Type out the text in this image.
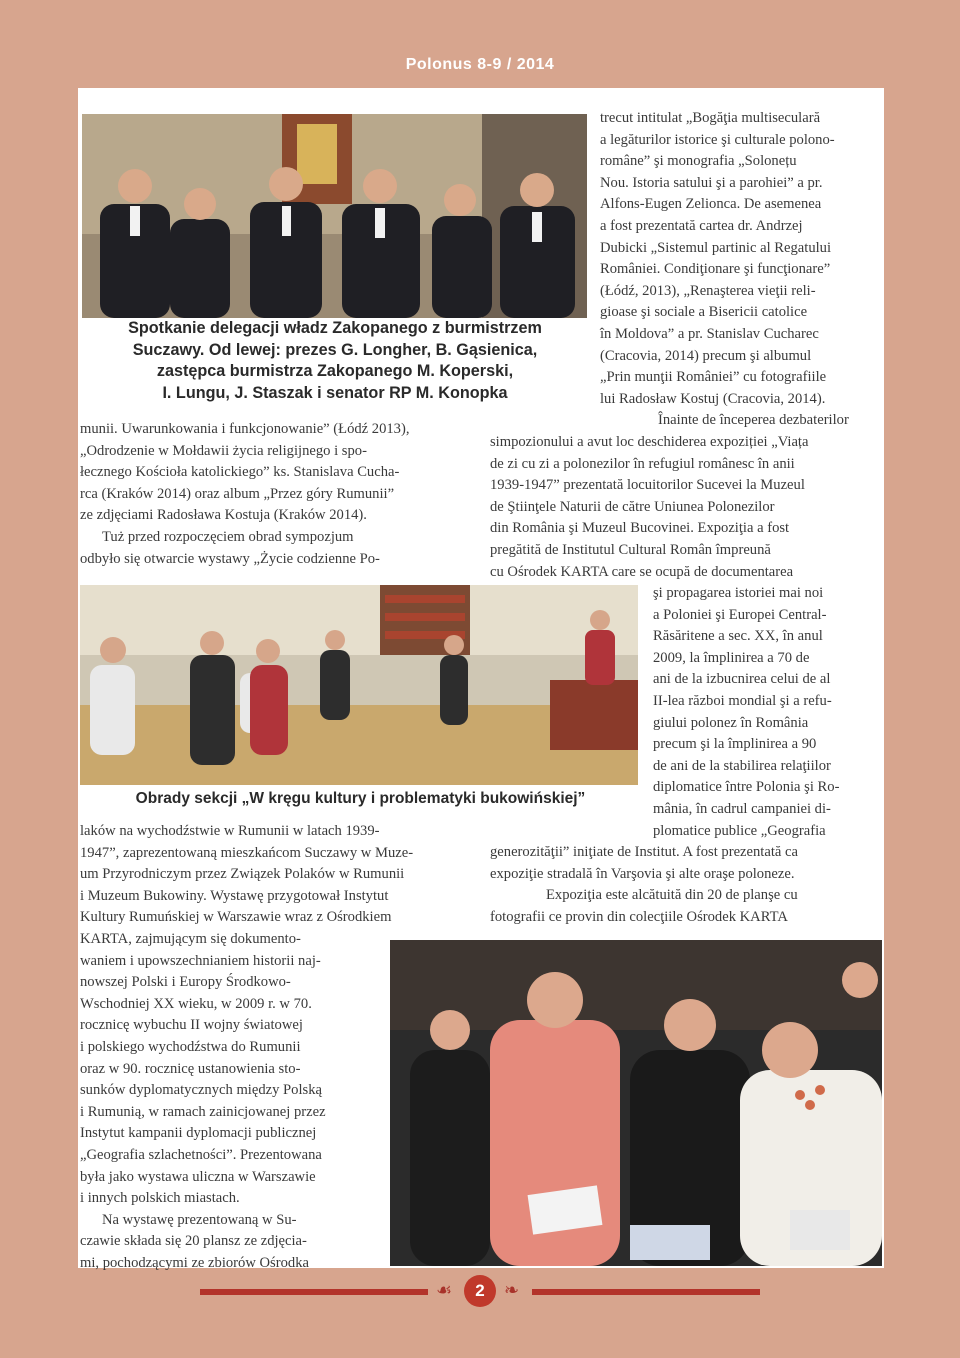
Polonus 8-9 / 2014
Spotkanie delegacji władz Zakopanego z burmistrzem
Suczawy. Od lewej: prezes G. Longher, B. Gąsienica,
zastępca burmistrza Zakopanego M. Koperski,
I. Lungu, J. Staszak i senator RP M. Konopka

munii. Uwarunkowania i funkcjonowanie” (Łódź 2013),

„Odrodzenie w Mołdawii życia religijnego i spo-

łecznego Kościoła katolickiego” ks. Stanislava Cucha-

rca (Kraków 2014) oraz album „Przez góry Rumunii”

ze zdjęciami Radosława Kostuja (Kraków 2014).

Tuż przed rozpoczęciem obrad sympozjum

odbyło się otwarcie wystawy „Życie codzienne Po-

Obrady sekcji „W kręgu kultury i problematyki bukowińskiej”

laków na wychodźstwie w Rumunii w latach 1939-

1947”, zaprezentowaną mieszkańcom Suczawy w Muze-

um Przyrodniczym przez Związek Polaków w Rumunii

i Muzeum Bukowiny. Wystawę przygotował Instytut

Kultury Rumuńskiej w Warszawie wraz z Ośrodkiem

KARTA, zajmującym się dokumento-

waniem i upowszechnianiem historii naj-

nowszej Polski i Europy Środkowo-

Wschodniej XX wieku, w 2009 r. w 70.

rocznicę wybuchu II wojny światowej

i polskiego wychodźstwa do Rumunii

oraz w 90. rocznicę ustanowienia sto-

sunków dyplomatycznych między Polską

i Rumunią, w ramach zainicjowanej przez

Instytut kampanii dyplomacji publicznej

„Geografia szlachetności”. Prezentowana

była jako wystawa uliczna w Warszawie

i innych polskich miastach.

Na wystawę prezentowaną w Su-

czawie składa się 20 plansz ze zdjęcia-

mi, pochodzącymi ze zbiorów Ośrodka

trecut intitulat „Bogăţia multiseculară

a legăturilor istorice şi culturale polono-

române” şi monografia „Solonețu

Nou. Istoria satului şi a parohiei” a pr.

Alfons-Eugen Zelionca. De asemenea

a fost prezentată cartea dr. Andrzej

Dubicki „Sistemul partinic al Regatului

României. Condiţionare şi funcţionare”

(Łódź, 2013), „Renaşterea vieţii reli-

gioase şi sociale a Bisericii catolice

în Moldova” a pr. Stanislav Cucharec

(Cracovia, 2014) precum şi albumul

„Prin munţii României” cu fotografiile

lui Radosław Kostuj (Cracovia, 2014).

Înainte de începerea dezbaterilor

simpozionului a avut loc deschiderea expoziției „Viața

de zi cu zi a polonezilor în refugiul românesc în anii

1939-1947” prezentată locuitorilor Sucevei la Muzeul

de Ştiinţele Naturii de către Uniunea Polonezilor

din România şi Muzeul Bucovinei. Expoziţia a fost

pregătită de Institutul Cultural Român împreună

cu Ośrodek KARTA care se ocupă de documentarea

şi propagarea istoriei mai noi

a Poloniei şi Europei Central-

Răsăritene a sec. XX, în anul

2009, la împlinirea a 70 de

ani de la izbucnirea celui de al

II-lea război mondial şi a refu-

giului polonez în România

precum şi la împlinirea a 90

de ani de la stabilirea relaţiilor

diplomatice între Polonia şi Ro-

mânia, în cadrul campaniei di-

plomatice publice „Geografia

generozităţii” iniţiate de Institut. A fost prezentată ca

expoziţie stradală în Varşovia şi alte oraşe poloneze.

Expoziţia este alcătuită din 20 de planşe cu

fotografii ce provin din colecţiile Ośrodek KARTA

☙	2	❧
